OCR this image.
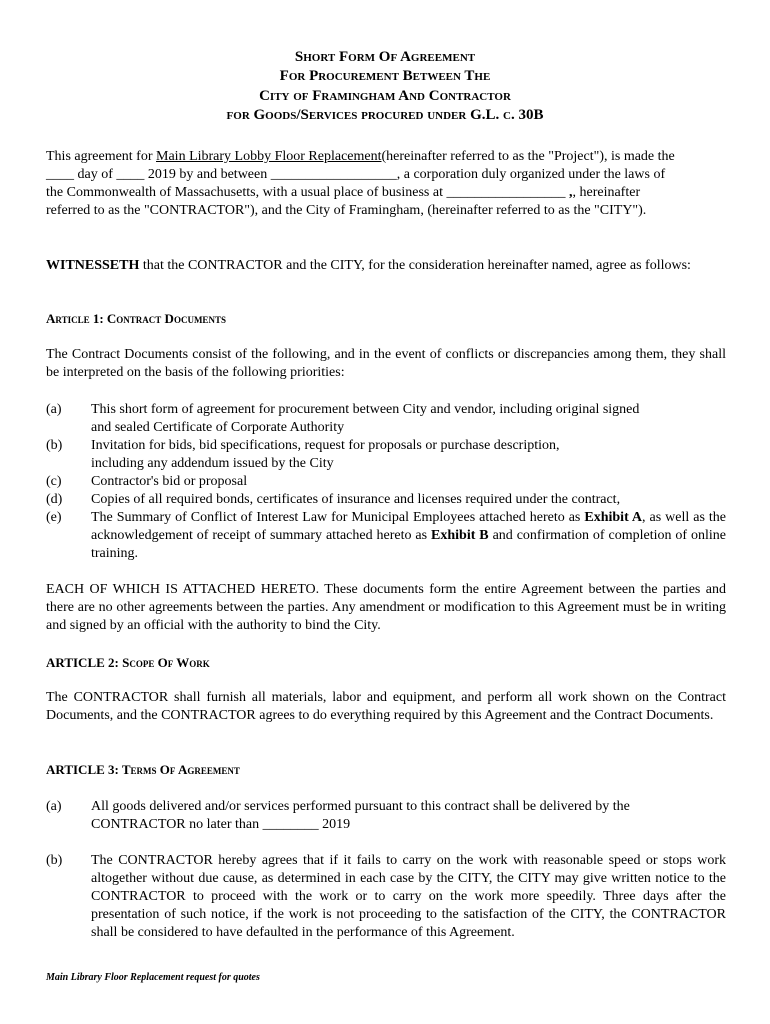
Short Form Of Agreement
For Procurement Between The
City of Framingham And Contractor
for Goods/Services procured under G.L. c. 30B
This agreement for Main Library Lobby Floor Replacement(hereinafter referred to as the "Project"), is made the
____ day of ____ 2019 by and between __________________, a corporation duly organized under the laws of
the Commonwealth of Massachusetts, with a usual place of business at _________________ ,, hereinafter
referred to as the "CONTRACTOR"), and the City of Framingham, (hereinafter referred to as the "CITY").
WITNESSETH that the CONTRACTOR and the CITY, for the consideration hereinafter named, agree as follows:
Article 1: Contract Documents
The Contract Documents consist of the following, and in the event of conflicts or discrepancies among them, they shall be interpreted on the basis of the following priorities:
(a) This short form of agreement for procurement between City and vendor, including original signed
and sealed Certificate of Corporate Authority
(b) Invitation for bids, bid specifications, request for proposals or purchase description,
including any addendum issued by the City
(c) Contractor's bid or proposal
(d) Copies of all required bonds, certificates of insurance and licenses required under the contract,
(e) The Summary of Conflict of Interest Law for Municipal Employees attached hereto as Exhibit A, as well as the acknowledgement of receipt of summary attached hereto as Exhibit B and confirmation of completion of online training.
EACH OF WHICH IS ATTACHED HERETO. These documents form the entire Agreement between the parties and there are no other agreements between the parties. Any amendment or modification to this Agreement must be in writing and signed by an official with the authority to bind the City.
ARTICLE 2: Scope Of Work
The CONTRACTOR shall furnish all materials, labor and equipment, and perform all work shown on the Contract Documents, and the CONTRACTOR agrees to do everything required by this Agreement and the Contract Documents.
ARTICLE 3: Terms Of Agreement
(a) All goods delivered and/or services performed pursuant to this contract shall be delivered by the
CONTRACTOR no later than ________ 2019
(b) The CONTRACTOR hereby agrees that if it fails to carry on the work with reasonable speed or stops work altogether without due cause, as determined in each case by the CITY, the CITY may give written notice to the CONTRACTOR to proceed with the work or to carry on the work more speedily. Three days after the presentation of such notice, if the work is not proceeding to the satisfaction of the CITY, the CONTRACTOR shall be considered to have defaulted in the performance of this Agreement.
Main Library Floor Replacement request for quotes
